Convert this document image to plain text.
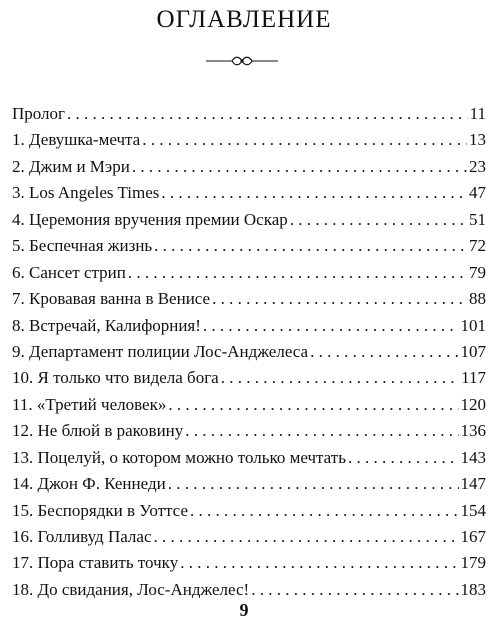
ОГЛАВЛЕНИЕ
Пролог . . .	11
1. Девушка-мечта . . .	13
2. Джим и Мэри . . .	23
3. Los Angeles Times . . .	47
4. Церемония вручения премии Оскар . . .	51
5. Беспечная жизнь . . .	72
6. Сансет стрип . . .	79
7. Кровавая ванна в Венисе . . .	88
8. Встречай, Калифорния! . . .	101
9. Департамент полиции Лос-Анджелеса . . .	107
10. Я только что видела бога . . .	117
11. «Третий человек» . . .	120
12. Не блюй в раковину . . .	136
13. Поцелуй, о котором можно только мечтать . . .	143
14. Джон Ф. Кеннеди . . .	147
15. Беспорядки в Уоттсе . . .	154
16. Голливуд Палас . . .	167
17. Пора ставить точку . . .	179
18. До свидания, Лос-Анджелес! . . .	183
9
